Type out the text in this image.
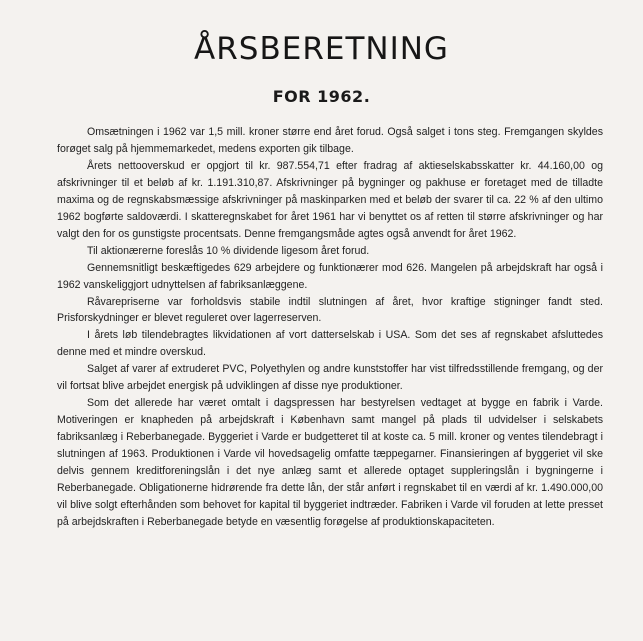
ÅRSBERETNING
FOR 1962.

Omsætningen i 1962 var 1,5 mill. kroner større end året forud. Også salget i tons steg. Fremgangen skyldes forøget salg på hjemmemarkedet, medens exporten gik tilbage.

Årets nettooverskud er opgjort til kr. 987.554,71 efter fradrag af aktieselskabsskatter kr. 44.160,00 og afskrivninger til et beløb af kr. 1.191.310,87. Afskrivninger på bygninger og pakhuse er foretaget med de tilladte maxima og de regnskabsmæssige afskrivninger på maskinparken med et beløb der svarer til ca. 22 % af den ultimo 1962 bogførte saldoværdi. I skatteregnskabet for året 1961 har vi benyttet os af retten til større afskrivninger og har valgt den for os gunstigste procentsats. Denne fremgangsmåde agtes også anvendt for året 1962.

Til aktionærerne foreslås 10 % dividende ligesom året forud.

Gennemsnitligt beskæftigedes 629 arbejdere og funktionærer mod 626. Mangelen på arbejdskraft har også i 1962 vanskeliggjort udnyttelsen af fabriksanlæggene.

Råvarepriserne var forholdsvis stabile indtil slutningen af året, hvor kraftige stigninger fandt sted. Prisforskydninger er blevet reguleret over lagerreserven.

I årets løb tilendebragtes likvidationen af vort datterselskab i USA. Som det ses af regnskabet afsluttedes denne med et mindre overskud.

Salget af varer af extruderet PVC, Polyethylen og andre kunststoffer har vist tilfredsstillende fremgang, og der vil fortsat blive arbejdet energisk på udviklingen af disse nye produktioner.

Som det allerede har været omtalt i dagspressen har bestyrelsen vedtaget at bygge en fabrik i Varde. Motiveringen er knapheden på arbejdskraft i København samt mangel på plads til udvidelser i selskabets fabriksanlæg i Reberbanegade. Byggeriet i Varde er budgetteret til at koste ca. 5 mill. kroner og ventes tilendebragt i slutningen af 1963. Produktionen i Varde vil hovedsagelig omfatte tæppegarner. Finansieringen af byggeriet vil ske delvis gennem kreditforeningslån i det nye anlæg samt et allerede optaget suppleringslån i bygningerne i Reberbanegade. Obligationerne hidrørende fra dette lån, der står anført i regnskabet til en værdi af kr. 1.490.000,00 vil blive solgt efterhånden som behovet for kapital til byggeriet indtræder. Fabriken i Varde vil foruden at lette presset på arbejdskraften i Reberbanegade betyde en væsentlig forøgelse af produktionskapaciteten.
